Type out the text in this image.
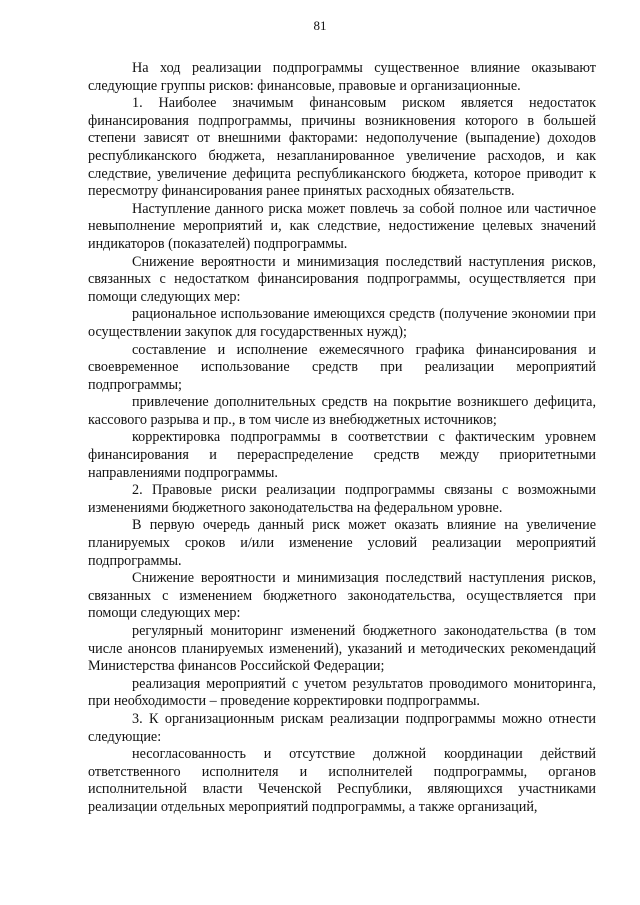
81

На ход реализации подпрограммы существенное влияние оказывают следующие группы рисков: финансовые, правовые и организационные.

1. Наиболее значимым финансовым риском является недостаток финансирования подпрограммы, причины возникновения которого в большей степени зависят от внешними факторами: недополучение (выпадение) доходов республиканского бюджета, незапланированное увеличение расходов, и как следствие, увеличение дефицита республиканского бюджета, которое приводит к пересмотру финансирования ранее принятых расходных обязательств.

Наступление данного риска может повлечь за собой полное или частичное невыполнение мероприятий и, как следствие, недостижение целевых значений индикаторов (показателей) подпрограммы.

Снижение вероятности и минимизация последствий наступления рисков, связанных с недостатком финансирования подпрограммы, осуществляется при помощи следующих мер:

рациональное использование имеющихся средств (получение экономии при осуществлении закупок для государственных нужд);

составление и исполнение ежемесячного графика финансирования и своевременное использование средств при реализации мероприятий подпрограммы;

привлечение дополнительных средств на покрытие возникшего дефицита, кассового разрыва и пр., в том числе из внебюджетных источников;

корректировка подпрограммы в соответствии с фактическим уровнем финансирования и перераспределение средств между приоритетными направлениями подпрограммы.

2. Правовые риски реализации подпрограммы связаны с возможными изменениями бюджетного законодательства на федеральном уровне.

В первую очередь данный риск может оказать влияние на увеличение планируемых сроков и/или изменение условий реализации мероприятий подпрограммы.

Снижение вероятности и минимизация последствий наступления рисков, связанных с изменением бюджетного законодательства, осуществляется при помощи следующих мер:

регулярный мониторинг изменений бюджетного законодательства (в том числе анонсов планируемых изменений), указаний и методических рекомендаций Министерства финансов Российской Федерации;

реализация мероприятий с учетом результатов проводимого мониторинга, при необходимости – проведение корректировки подпрограммы.

3. К организационным рискам реализации подпрограммы можно отнести следующие:

несогласованность и отсутствие должной координации действий ответственного исполнителя и исполнителей подпрограммы, органов исполнительной власти Чеченской Республики, являющихся участниками реализации отдельных мероприятий подпрограммы, а также организаций,
